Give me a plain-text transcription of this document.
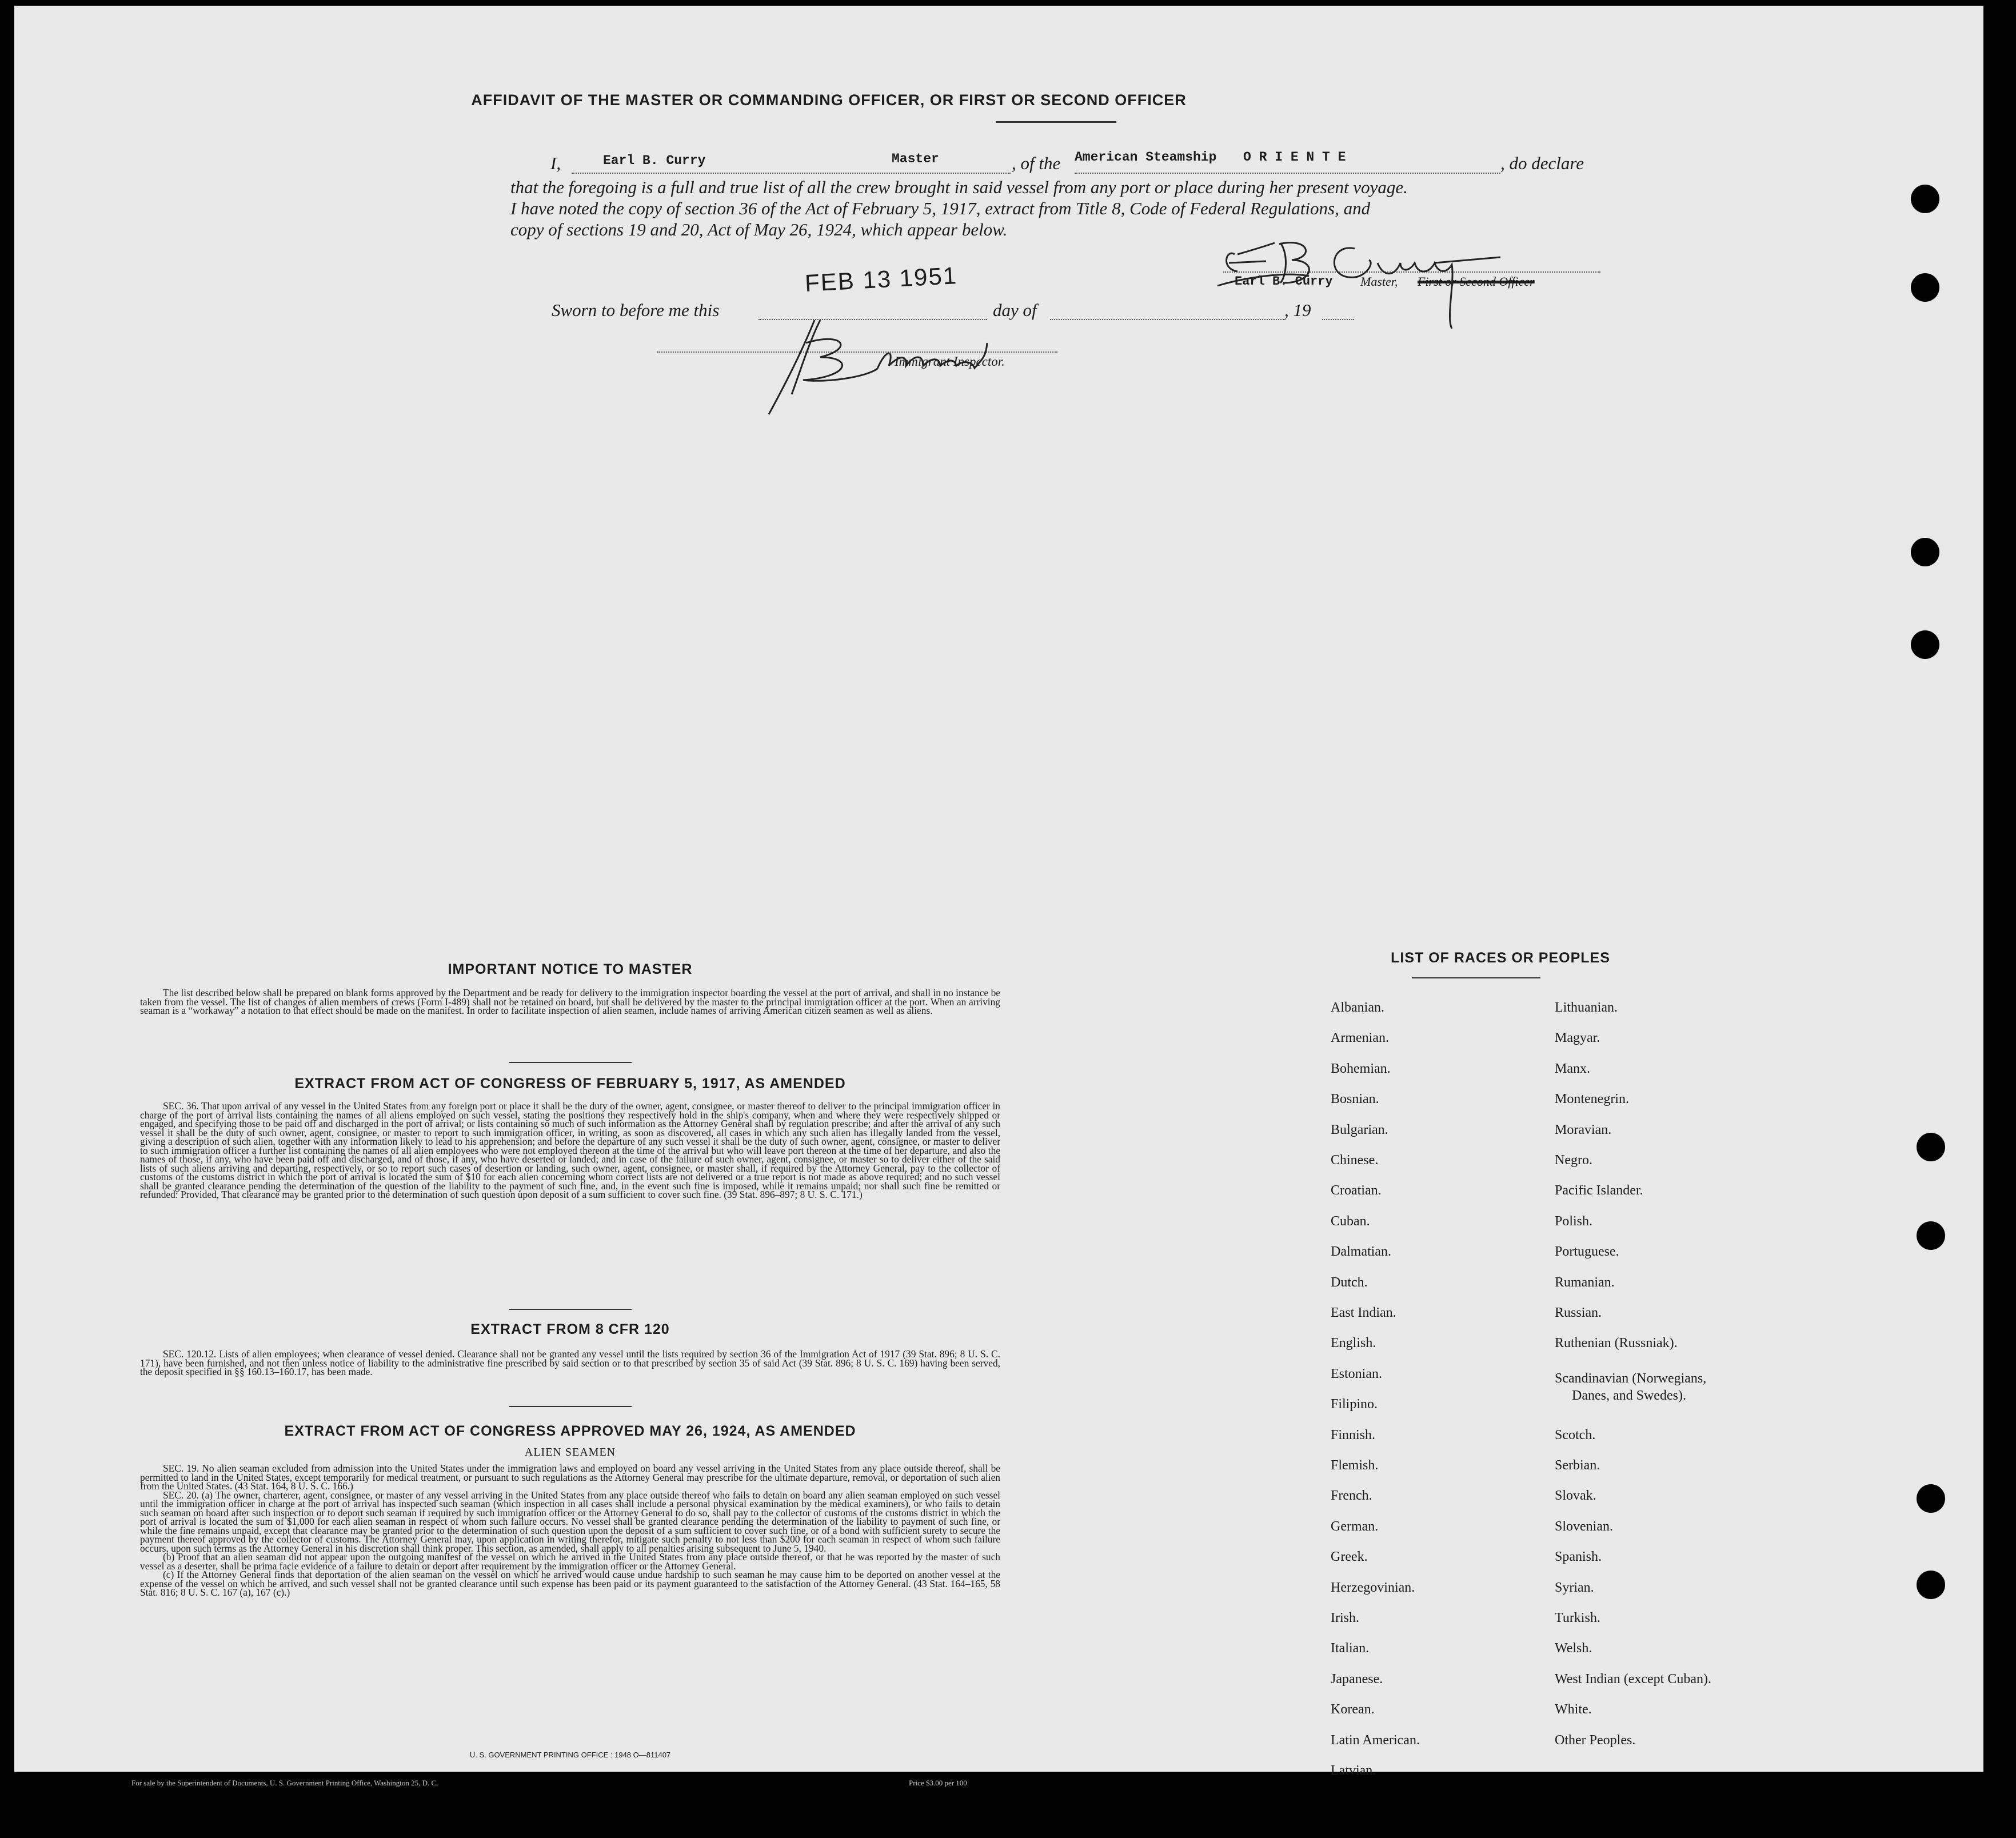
AFFIDAVIT OF THE MASTER OR COMMANDING OFFICER, OR FIRST OR SECOND OFFICER
I,	Earl B. Curry	Master	, of the American Steamship O R I E N T E	, do declare
that the foregoing is a full and true list of all the crew brought in said vessel from any port or place during her present voyage.
I have noted the copy of section 36 of the Act of February 5, 1917, extract from Title 8, Code of Federal Regulations, and
copy of sections 19 and 20, Act of May 26, 1924, which appear below.
FEB 13 1951
Sworn to before me this	day of	, 19
Earl B. Curry Master, First or Second Officer
Immigrant Inspector.
IMPORTANT NOTICE TO MASTER

The list described below shall be prepared on blank forms approved by the Department and be ready for delivery to the immigration inspector boarding the vessel at the port of arrival, and shall in no instance be taken from the vessel. The list of changes of alien members of crews (Form I-489) shall not be retained on board, but shall be delivered by the master to the principal immigration officer at the port. When an arriving seaman is a “workaway” a notation to that effect should be made on the manifest. In order to facilitate inspection of alien seamen, include names of arriving American citizen seamen as well as aliens.

EXTRACT FROM ACT OF CONGRESS OF FEBRUARY 5, 1917, AS AMENDED

SEC. 36. That upon arrival of any vessel in the United States from any foreign port or place it shall be the duty of the owner, agent, consignee, or master thereof to deliver to the principal immigration officer in charge of the port of arrival lists containing the names of all aliens employed on such vessel, stating the positions they respectively hold in the ship's company, when and where they were respectively shipped or engaged, and specifying those to be paid off and discharged in the port of arrival; or lists containing so much of such information as the Attorney General shall by regulation prescribe; and after the arrival of any such vessel it shall be the duty of such owner, agent, consignee, or master to report to such immigration officer, in writing, as soon as discovered, all cases in which any such alien has illegally landed from the vessel, giving a description of such alien, together with any information likely to lead to his apprehension; and before the departure of any such vessel it shall be the duty of such owner, agent, consignee, or master to deliver to such immigration officer a further list containing the names of all alien employees who were not employed thereon at the time of the arrival but who will leave port thereon at the time of her departure, and also the names of those, if any, who have been paid off and discharged, and of those, if any, who have deserted or landed; and in case of the failure of such owner, agent, consignee, or master so to deliver either of the said lists of such aliens arriving and departing, respectively, or so to report such cases of desertion or landing, such owner, agent, consignee, or master shall, if required by the Attorney General, pay to the collector of customs of the customs district in which the port of arrival is located the sum of $10 for each alien concerning whom correct lists are not delivered or a true report is not made as above required; and no such vessel shall be granted clearance pending the determination of the question of the liability to the payment of such fine, and, in the event such fine is imposed, while it remains unpaid; nor shall such fine be remitted or refunded: Provided, That clearance may be granted prior to the determination of such question upon deposit of a sum sufficient to cover such fine. (39 Stat. 896–897; 8 U. S. C. 171.)

EXTRACT FROM 8 CFR 120

SEC. 120.12. Lists of alien employees; when clearance of vessel denied. Clearance shall not be granted any vessel until the lists required by section 36 of the Immigration Act of 1917 (39 Stat. 896; 8 U. S. C. 171), have been furnished, and not then unless notice of liability to the administrative fine prescribed by said section or to that prescribed by section 35 of said Act (39 Stat. 896; 8 U. S. C. 169) having been served, the deposit specified in §§ 160.13–160.17, has been made.

EXTRACT FROM ACT OF CONGRESS APPROVED MAY 26, 1924, AS AMENDED
ALIEN SEAMEN

SEC. 19. No alien seaman excluded from admission into the United States under the immigration laws and employed on board any vessel arriving in the United States from any place outside thereof, shall be permitted to land in the United States, except temporarily for medical treatment, or pursuant to such regulations as the Attorney General may prescribe for the ultimate departure, removal, or deportation of such alien from the United States. (43 Stat. 164, 8 U. S. C. 166.)

SEC. 20. (a) The owner, charterer, agent, consignee, or master of any vessel arriving in the United States from any place outside thereof who fails to detain on board any alien seaman employed on such vessel until the immigration officer in charge at the port of arrival has inspected such seaman (which inspection in all cases shall include a personal physical examination by the medical examiners), or who fails to detain such seaman on board after such inspection or to deport such seaman if required by such immigration officer or the Attorney General to do so, shall pay to the collector of customs of the customs district in which the port of arrival is located the sum of $1,000 for each alien seaman in respect of whom such failure occurs. No vessel shall be granted clearance pending the determination of the liability to payment of such fine, or while the fine remains unpaid, except that clearance may be granted prior to the determination of such question upon the deposit of a sum sufficient to cover such fine, or of a bond with sufficient surety to secure the payment thereof approved by the collector of customs. The Attorney General may, upon application in writing therefor, mitigate such penalty to not less than $200 for each seaman in respect of whom such failure occurs, upon such terms as the Attorney General in his discretion shall think proper. This section, as amended, shall apply to all penalties arising subsequent to June 5, 1940.

(b) Proof that an alien seaman did not appear upon the outgoing manifest of the vessel on which he arrived in the United States from any place outside thereof, or that he was reported by the master of such vessel as a deserter, shall be prima facie evidence of a failure to detain or deport after requirement by the immigration officer or the Attorney General.

(c) If the Attorney General finds that deportation of the alien seaman on the vessel on which he arrived would cause undue hardship to such seaman he may cause him to be deported on another vessel at the expense of the vessel on which he arrived, and such vessel shall not be granted clearance until such expense has been paid or its payment guaranteed to the satisfaction of the Attorney General. (43 Stat. 164–165, 58 Stat. 816; 8 U. S. C. 167 (a), 167 (c).)

U. S. GOVERNMENT PRINTING OFFICE : 1948 O—811407
LIST OF RACES OR PEOPLES
Albanian.
Armenian.
Bohemian.
Bosnian.
Bulgarian.
Chinese.
Croatian.
Cuban.
Dalmatian.
Dutch.
East Indian.
English.
Estonian.
Filipino.
Finnish.
Flemish.
French.
German.
Greek.
Herzegovinian.
Irish.
Italian.
Japanese.
Korean.
Latin American.
Latvian.
Lithuanian.
Magyar.
Manx.
Montenegrin.
Moravian.
Negro.
Pacific Islander.
Polish.
Portuguese.
Rumanian.
Russian.
Ruthenian (Russniak).
Scandinavian (Norwegians,
Danes, and Swedes).
Scotch.
Serbian.
Slovak.
Slovenian.
Spanish.
Syrian.
Turkish.
Welsh.
West Indian (except Cuban).
White.
Other Peoples.
For sale by the Superintendent of Documents, U. S. Government Printing Office, Washington 25, D. C.	Price $3.00 per 100
